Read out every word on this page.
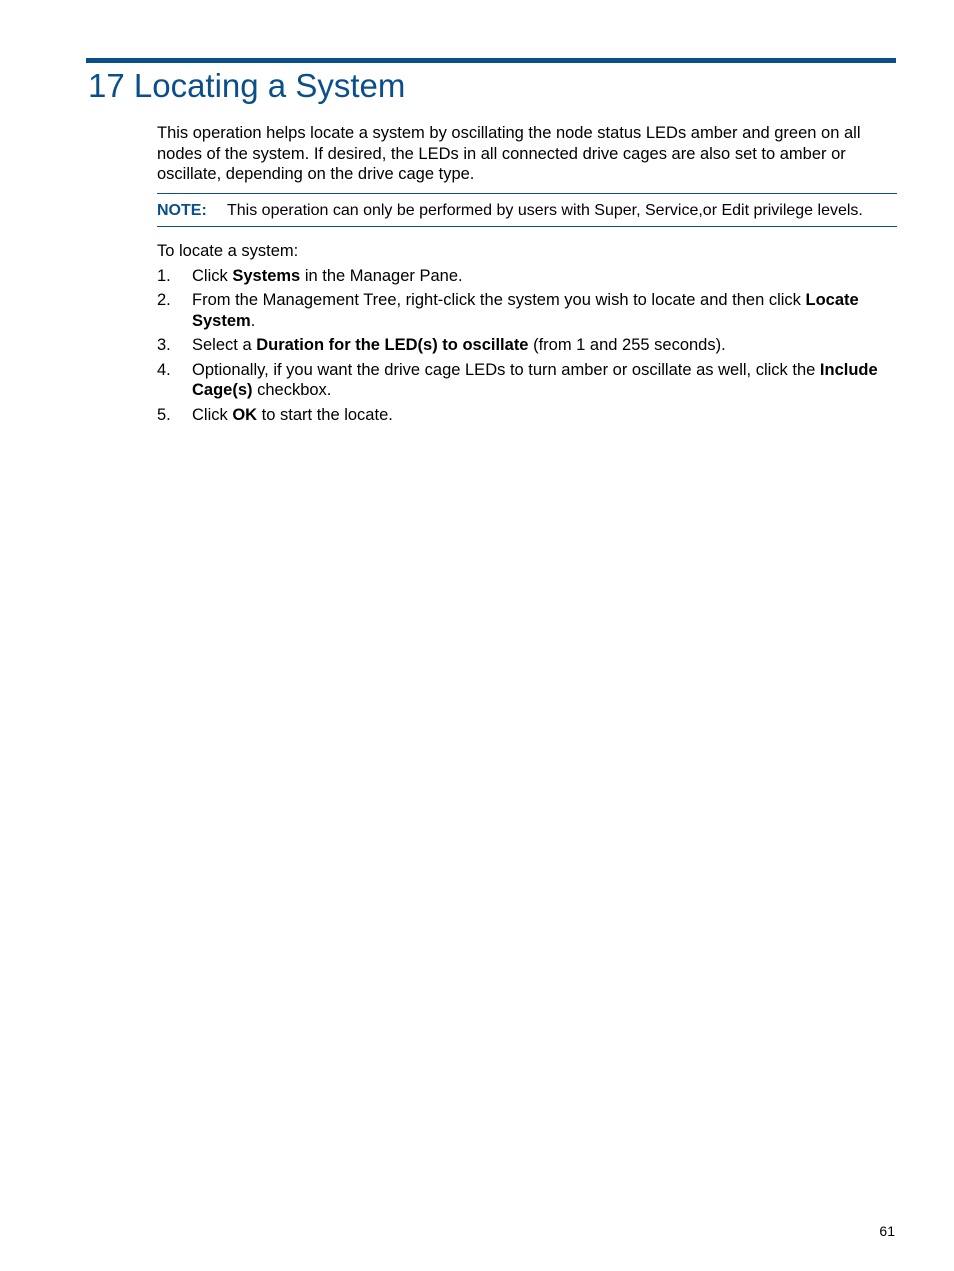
17 Locating a System

This operation helps locate a system by oscillating the node status LEDs amber and green on all nodes of the system. If desired, the LEDs in all connected drive cages are also set to amber or oscillate, depending on the drive cage type.

NOTE:	This operation can only be performed by users with Super, Service,or Edit privilege levels.

To locate a system:

1.	Click Systems in the Manager Pane.
2.	From the Management Tree, right-click the system you wish to locate and then click Locate System.
3.	Select a Duration for the LED(s) to oscillate (from 1 and 255 seconds).
4.	Optionally, if you want the drive cage LEDs to turn amber or oscillate as well, click the Include Cage(s) checkbox.
5.	Click OK to start the locate.
61
